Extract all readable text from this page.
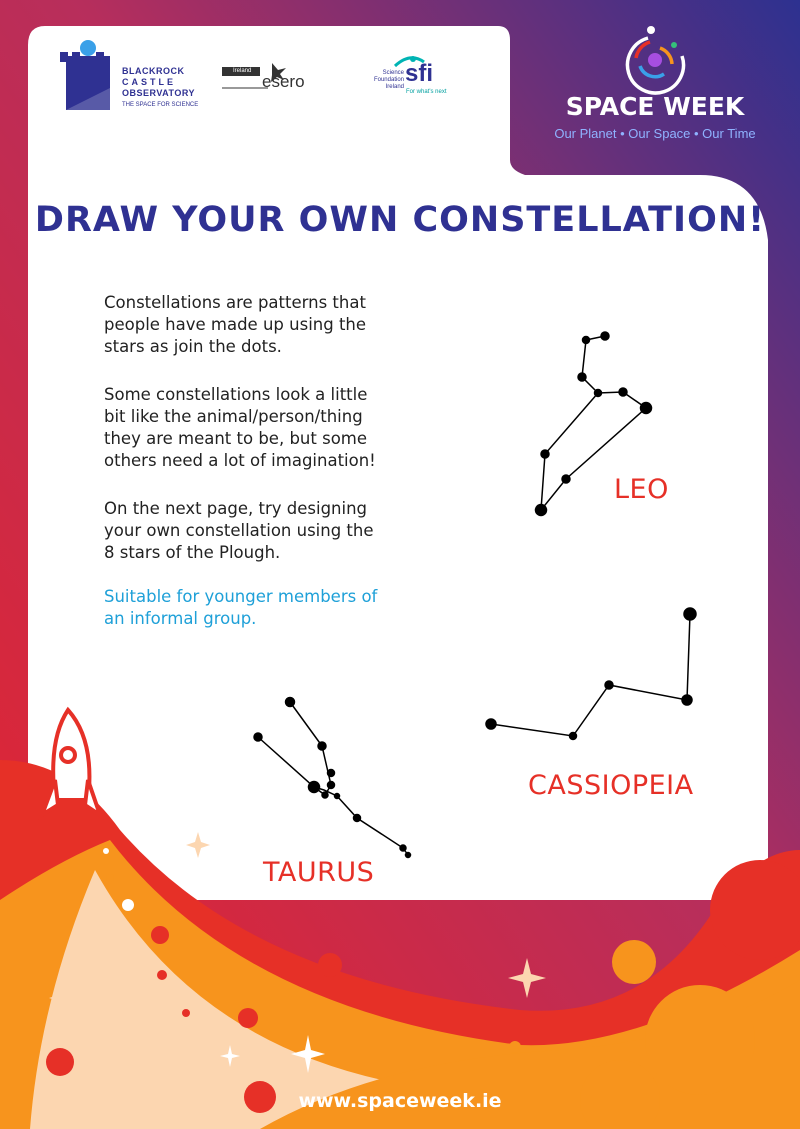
BLACKROCK
CASTLE
OBSERVATORY
THE SPACE FOR SCIENCE
Ireland
esero	Science Foundation Ireland sfi
For what's next	SPACE WEEK
Our Planet • Our Space • Our Time
DRAW YOUR OWN CONSTELLATION!

Constellations are patterns that people have made up using the stars as join the dots.

Some constellations look a little bit like the animal/person/thing they are meant to be, but some others need a lot of imagination!

On the next page, try designing your own constellation using the 8 stars of the Plough.

Suitable for younger members of an informal group.

LEO
CASSIOPEIA
TAURUS
www.spaceweek.ie
